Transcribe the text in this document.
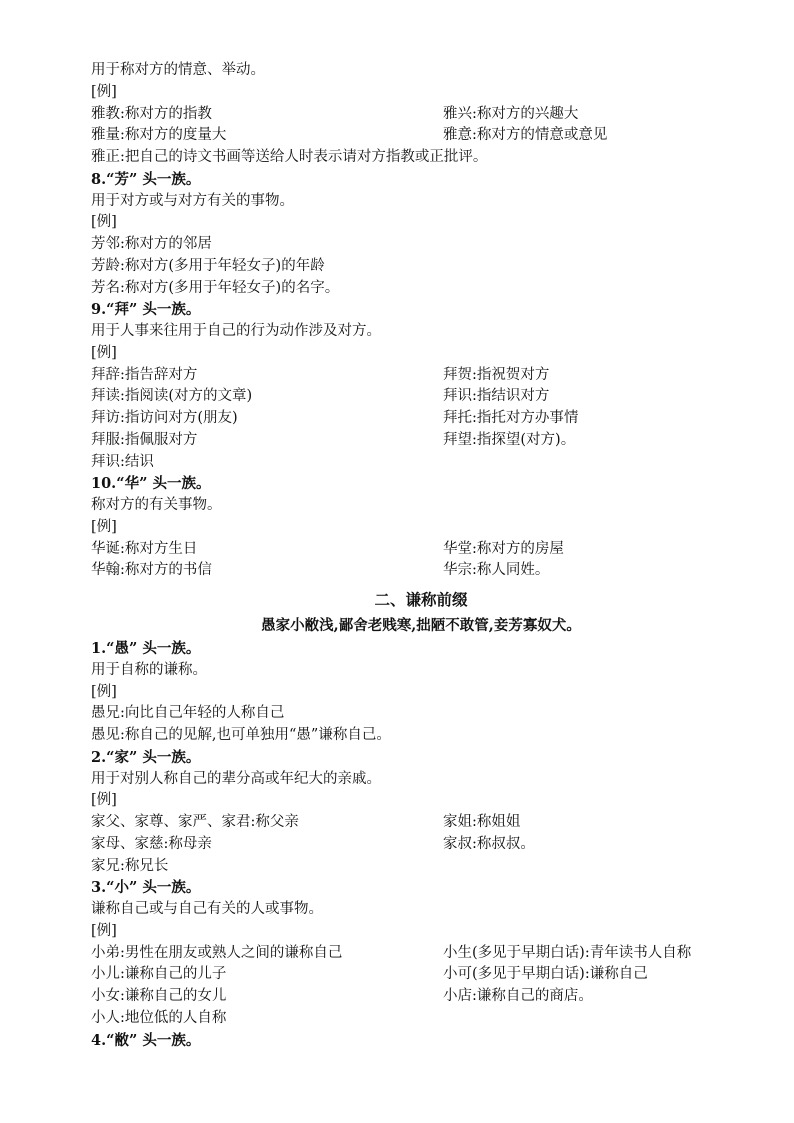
用于称对方的情意、举动。
[例]
雅教:称对方的指教	雅兴:称对方的兴趣大
雅量:称对方的度量大	雅意:称对方的情意或意见
雅正:把自己的诗文书画等送给人时表示请对方指教或正批评。
8.“芳” 头一族。
用于对方或与对方有关的事物。
[例]
芳邻:称对方的邻居
芳龄:称对方(多用于年轻女子)的年龄
芳名:称对方(多用于年轻女子)的名字。
9.“拜” 头一族。
用于人事来往用于自己的行为动作涉及对方。
[例]
拜辞:指告辞对方	拜贺:指祝贺对方
拜读:指阅读(对方的文章)	拜识:指结识对方
拜访:指访问对方(朋友)	拜托:指托对方办事情
拜服:指佩服对方	拜望:指探望(对方)。
拜识:结识
10.“华” 头一族。
称对方的有关事物。
[例]
华诞:称对方生日	华堂:称对方的房屋
华翰:称对方的书信	华宗:称人同姓。
二、谦称前缀
愚家小敝浅,鄙舍老贱寒,拙陋不敢管,妾芳寡奴犬。
1.“愚” 头一族。
用于自称的谦称。
[例]
愚兄:向比自己年轻的人称自己
愚见:称自己的见解,也可单独用“愚”谦称自己。
2.“家” 头一族。
用于对别人称自己的辈分高或年纪大的亲戚。
[例]
家父、家尊、家严、家君:称父亲	家姐:称姐姐
家母、家慈:称母亲	家叔:称叔叔。
家兄:称兄长
3.“小” 头一族。
谦称自己或与自己有关的人或事物。
[例]
小弟:男性在朋友或熟人之间的谦称自己	小生(多见于早期白话):青年读书人自称
小儿:谦称自己的儿子	小可(多见于早期白话):谦称自己
小女:谦称自己的女儿	小店:谦称自己的商店。
小人:地位低的人自称
4.“敝” 头一族。
